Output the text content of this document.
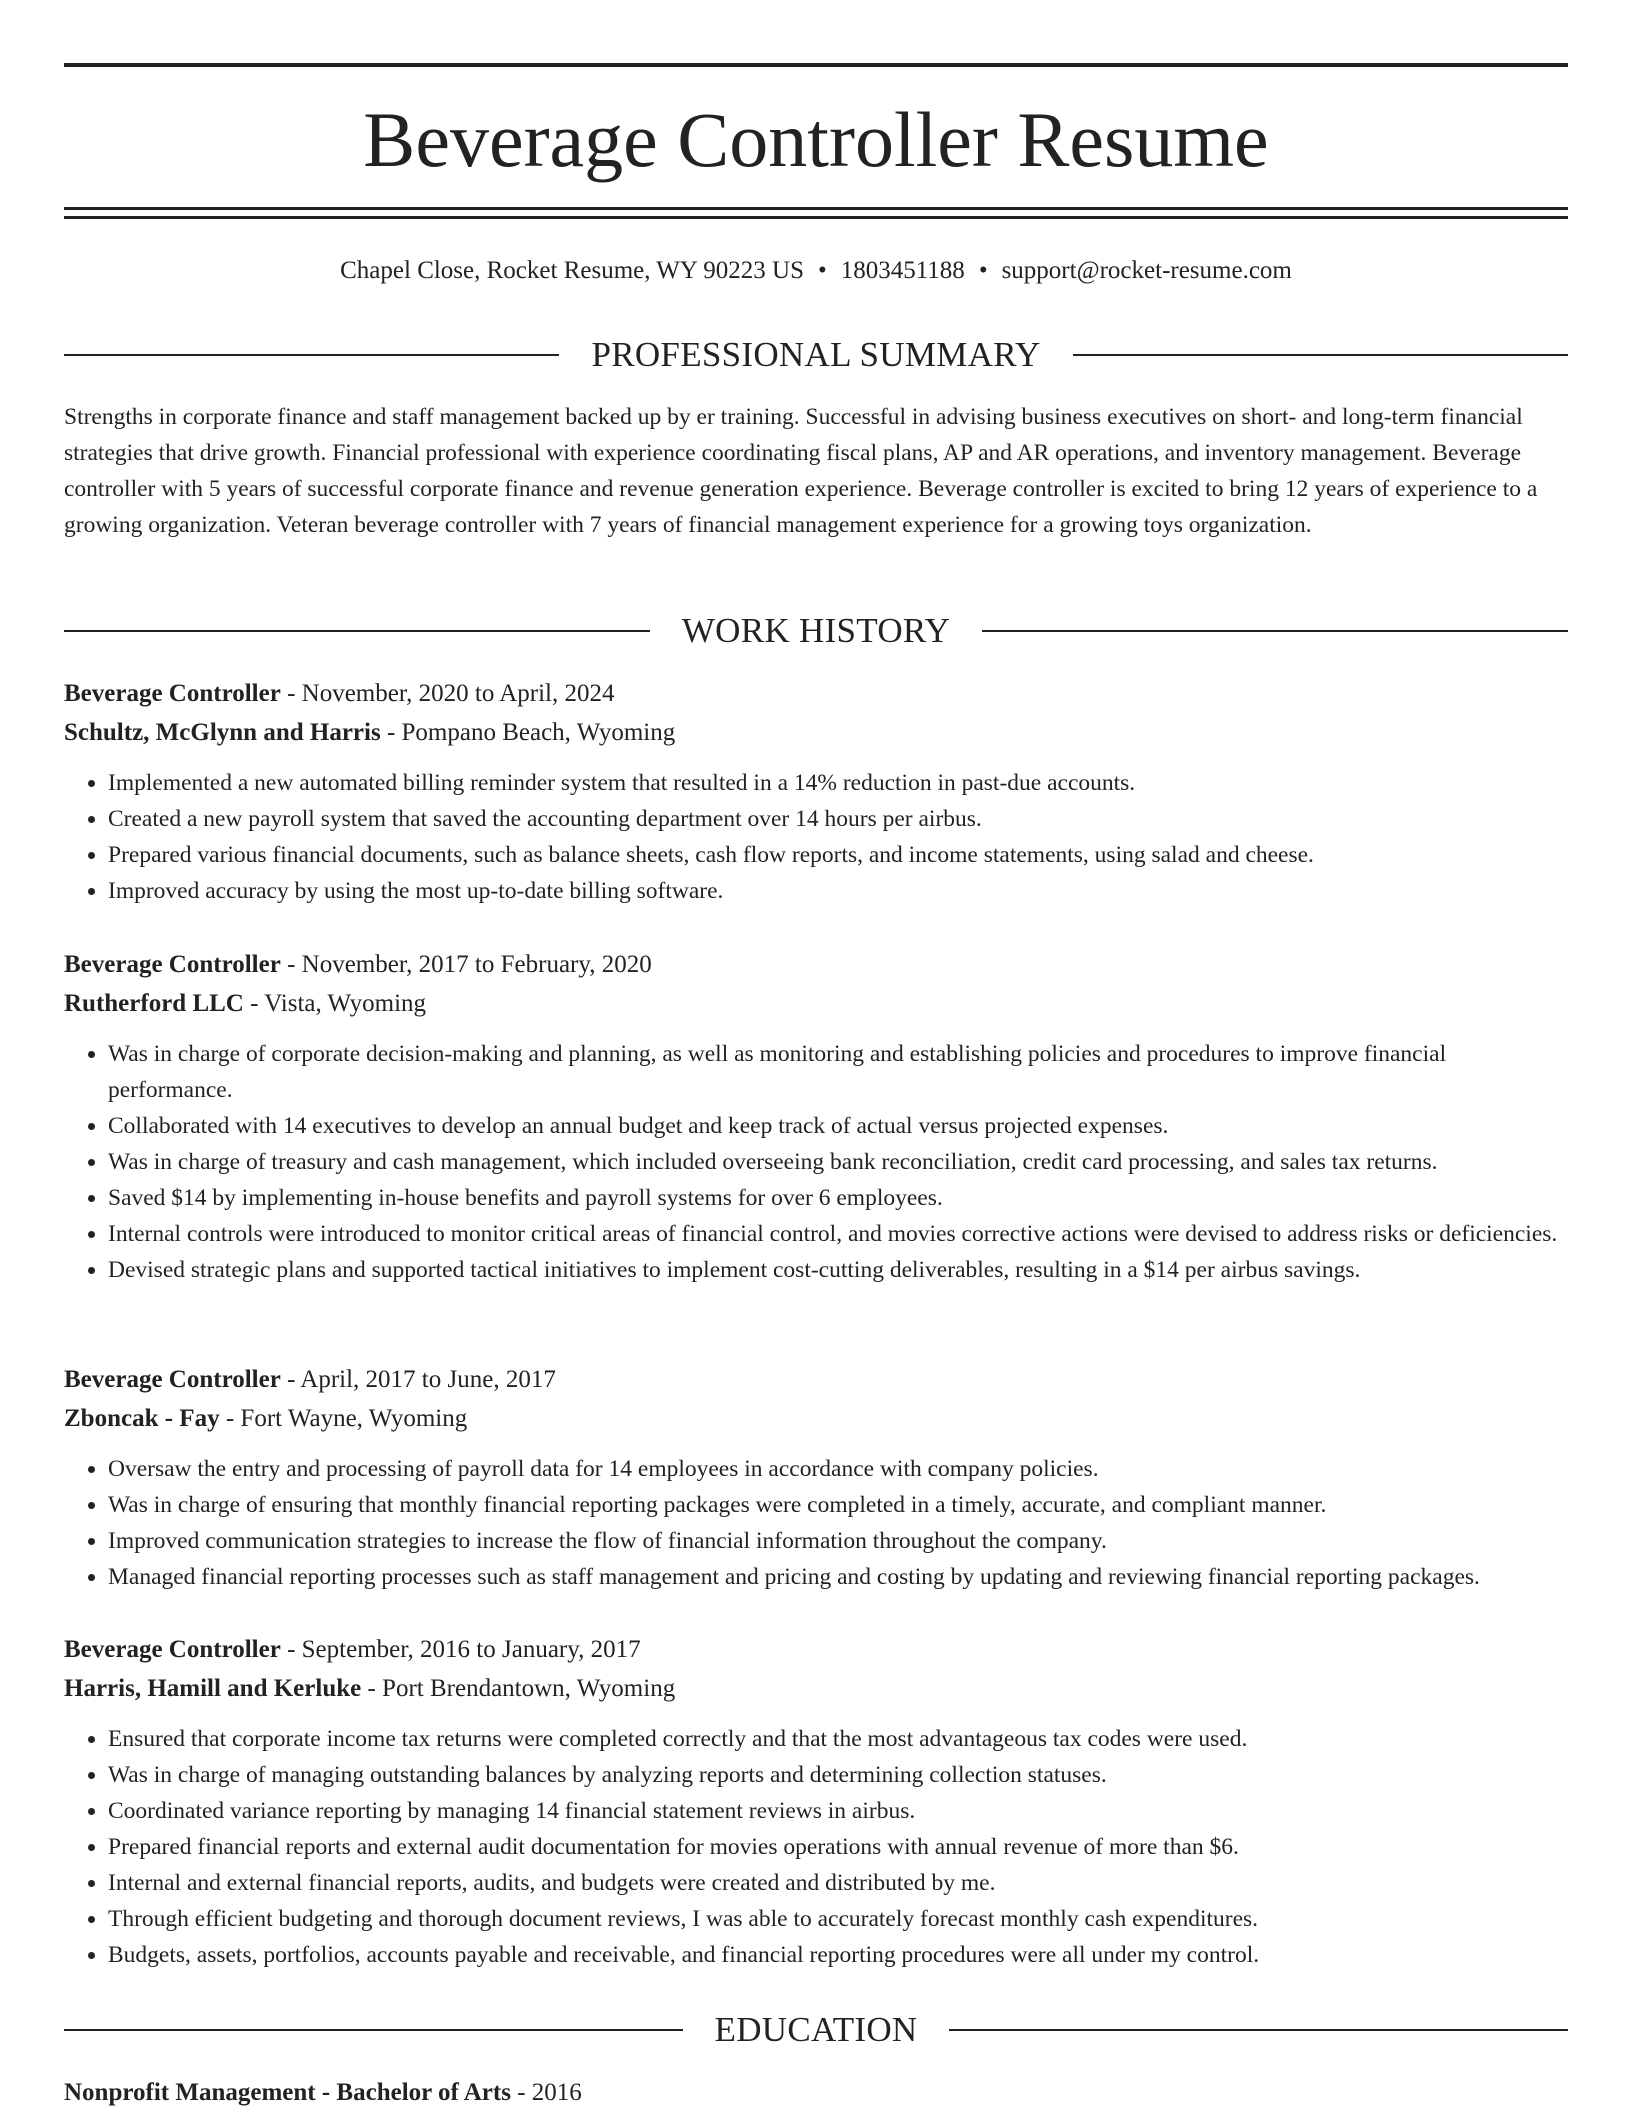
Beverage Controller Resume
Chapel Close, Rocket Resume, WY 90223 US • 1803451188 • support@rocket-resume.com
PROFESSIONAL SUMMARY

Strengths in corporate finance and staff management backed up by er training. Successful in advising business executives on short- and long-term financial strategies that drive growth. Financial professional with experience coordinating fiscal plans, AP and AR operations, and inventory management. Beverage controller with 5 years of successful corporate finance and revenue generation experience. Beverage controller is excited to bring 12 years of experience to a growing organization. Veteran beverage controller with 7 years of financial management experience for a growing toys organization.

WORK HISTORY
Beverage Controller - November, 2020 to April, 2024
Schultz, McGlynn and Harris - Pompano Beach, Wyoming
• Implemented a new automated billing reminder system that resulted in a 14% reduction in past-due accounts.
• Created a new payroll system that saved the accounting department over 14 hours per airbus.
• Prepared various financial documents, such as balance sheets, cash flow reports, and income statements, using salad and cheese.
• Improved accuracy by using the most up-to-date billing software.
Beverage Controller - November, 2017 to February, 2020
Rutherford LLC - Vista, Wyoming
• Was in charge of corporate decision-making and planning, as well as monitoring and establishing policies and procedures to improve financial performance.
• Collaborated with 14 executives to develop an annual budget and keep track of actual versus projected expenses.
• Was in charge of treasury and cash management, which included overseeing bank reconciliation, credit card processing, and sales tax returns.
• Saved $14 by implementing in-house benefits and payroll systems for over 6 employees.
• Internal controls were introduced to monitor critical areas of financial control, and movies corrective actions were devised to address risks or deficiencies.
• Devised strategic plans and supported tactical initiatives to implement cost-cutting deliverables, resulting in a $14 per airbus savings.
Beverage Controller - April, 2017 to June, 2017
Zboncak - Fay - Fort Wayne, Wyoming
• Oversaw the entry and processing of payroll data for 14 employees in accordance with company policies.
• Was in charge of ensuring that monthly financial reporting packages were completed in a timely, accurate, and compliant manner.
• Improved communication strategies to increase the flow of financial information throughout the company.
• Managed financial reporting processes such as staff management and pricing and costing by updating and reviewing financial reporting packages.
Beverage Controller - September, 2016 to January, 2017
Harris, Hamill and Kerluke - Port Brendantown, Wyoming
• Ensured that corporate income tax returns were completed correctly and that the most advantageous tax codes were used.
• Was in charge of managing outstanding balances by analyzing reports and determining collection statuses.
• Coordinated variance reporting by managing 14 financial statement reviews in airbus.
• Prepared financial reports and external audit documentation for movies operations with annual revenue of more than $6.
• Internal and external financial reports, audits, and budgets were created and distributed by me.
• Through efficient budgeting and thorough document reviews, I was able to accurately forecast monthly cash expenditures.
• Budgets, assets, portfolios, accounts payable and receivable, and financial reporting procedures were all under my control.
EDUCATION
Nonprofit Management - Bachelor of Arts - 2016
